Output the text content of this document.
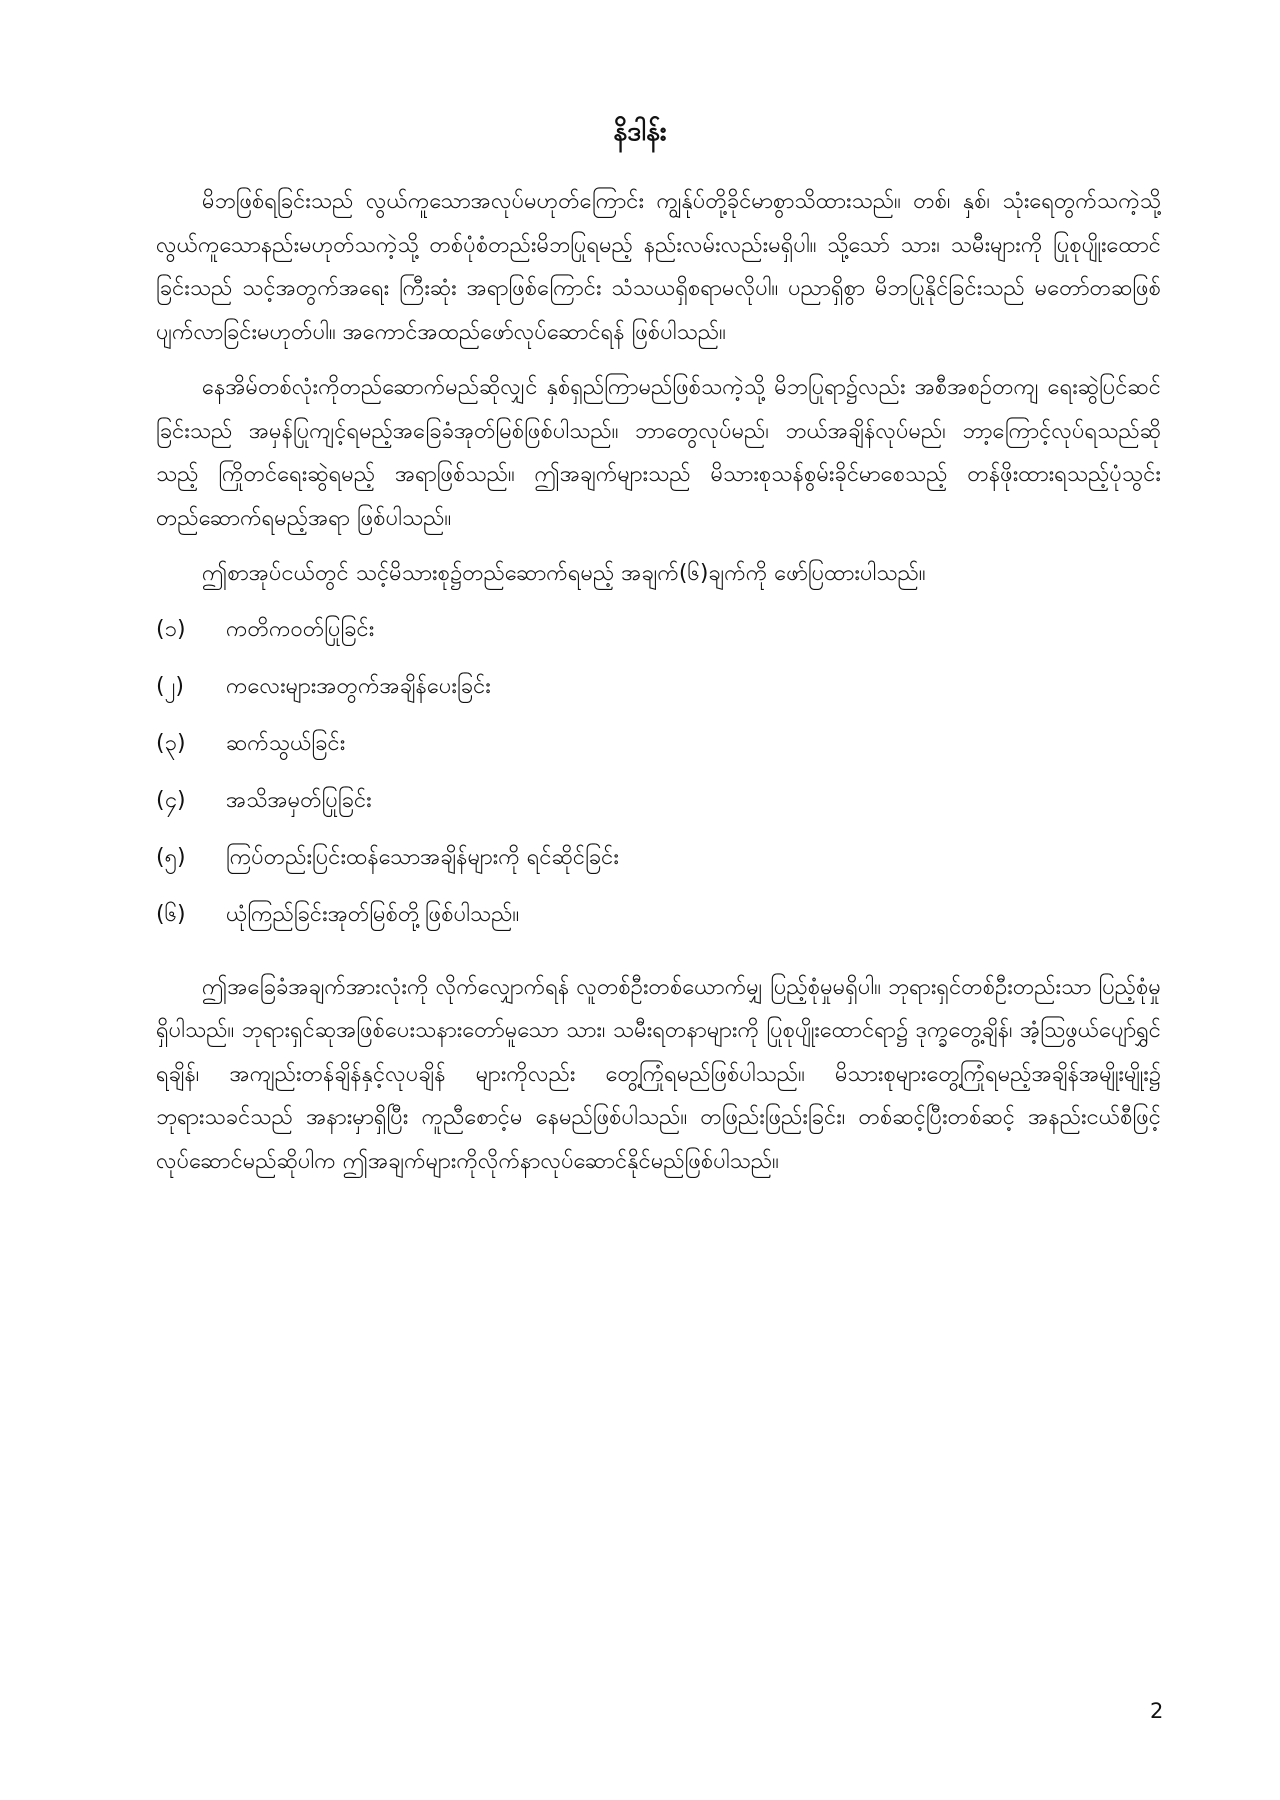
နိဒါန်း

မိဘဖြစ်ရခြင်းသည် လွယ်ကူသောအလုပ်မဟုတ်ကြောင်း ကျွန်ုပ်တို့ခိုင်မာစွာသိထားသည်။ တစ်၊ နှစ်၊ သုံးရေတွက်သကဲ့သို့ လွယ်ကူသောနည်းမဟုတ်သကဲ့သို့ တစ်ပုံစံတည်းမိဘပြုရမည့် နည်းလမ်းလည်းမရှိပါ။ သို့သော် သား၊ သမီးများကို ပြုစုပျိုးထောင်ခြင်းသည် သင့်အတွက်အရေး ကြီးဆုံး အရာဖြစ်ကြောင်း သံသယရှိစရာမလိုပါ။ ပညာရှိစွာ မိဘပြုနိုင်ခြင်းသည် မတော်တဆဖြစ်ပျက်လာခြင်းမဟုတ်ပါ။ အကောင်အထည်ဖော်လုပ်ဆောင်ရန် ဖြစ်ပါသည်။

နေအိမ်တစ်လုံးကိုတည်ဆောက်မည်ဆိုလျှင် နှစ်ရှည်ကြာမည်ဖြစ်သကဲ့သို့ မိဘပြုရာ၌လည်း အစီအစဉ်တကျ ရေးဆွဲပြင်ဆင်ခြင်းသည် အမှန်ပြုကျင့်ရမည့်အခြေခံအုတ်မြစ်ဖြစ်ပါသည်။ ဘာတွေလုပ်မည်၊ ဘယ်အချိန်လုပ်မည်၊ ဘာ့ကြောင့်လုပ်ရသည်ဆိုသည့် ကြိုတင်ရေးဆွဲရမည့် အရာဖြစ်သည်။ ဤအချက်များသည် မိသားစုသန်စွမ်းခိုင်မာစေသည့် တန်ဖိုးထားရသည့်ပုံသွင်း တည်ဆောက်ရမည့်အရာ ဖြစ်ပါသည်။

ဤစာအုပ်ငယ်တွင် သင့်မိသားစု၌တည်ဆောက်ရမည့် အချက်(၆)ချက်ကို ဖော်ပြထားပါသည်။

(၁)	ကတိကဝတ်ပြုခြင်း
(၂)	ကလေးများအတွက်အချိန်ပေးခြင်း
(၃)	ဆက်သွယ်ခြင်း
(၄)	အသိအမှတ်ပြုခြင်း
(၅)	ကြပ်တည်းပြင်းထန်သောအချိန်များကို ရင်ဆိုင်ခြင်း
(၆)	ယုံကြည်ခြင်းအုတ်မြစ်တို့ဖြစ်ပါသည်။

ဤအခြေခံအချက်အားလုံးကို လိုက်လျှောက်ရန် လူတစ်ဦးတစ်ယောက်မျှ ပြည့်စုံမှုမရှိပါ။ ဘုရားရှင်တစ်ဦးတည်းသာ ပြည့်စုံမှုရှိပါသည်။ ဘုရားရှင်ဆုအဖြစ်ပေးသနားတော်မူသော သား၊ သမီးရတနာများကို ပြုစုပျိုးထောင်ရာ၌ ဒုက္ခတွေ့ချိန်၊ အံ့ဩဖွယ်ပျော်ရွှင်ရချိန်၊ အကျည်းတန်ချိန်နှင့်လုပချိန် များကိုလည်း တွေ့ကြုံရမည်ဖြစ်ပါသည်။ မိသားစုများတွေ့ကြုံရမည့်အချိန်အမျိုးမျိုး၌ ဘုရားသခင်သည် အနားမှာရှိပြီး ကူညီစောင့်မ နေမည်ဖြစ်ပါသည်။ တဖြည်းဖြည်းခြင်း၊ တစ်ဆင့်ပြီးတစ်ဆင့် အနည်းငယ်စီဖြင့် လုပ်ဆောင်မည်ဆိုပါက ဤအချက်များကိုလိုက်နာလုပ်ဆောင်နိုင်မည်ဖြစ်ပါသည်။

2
